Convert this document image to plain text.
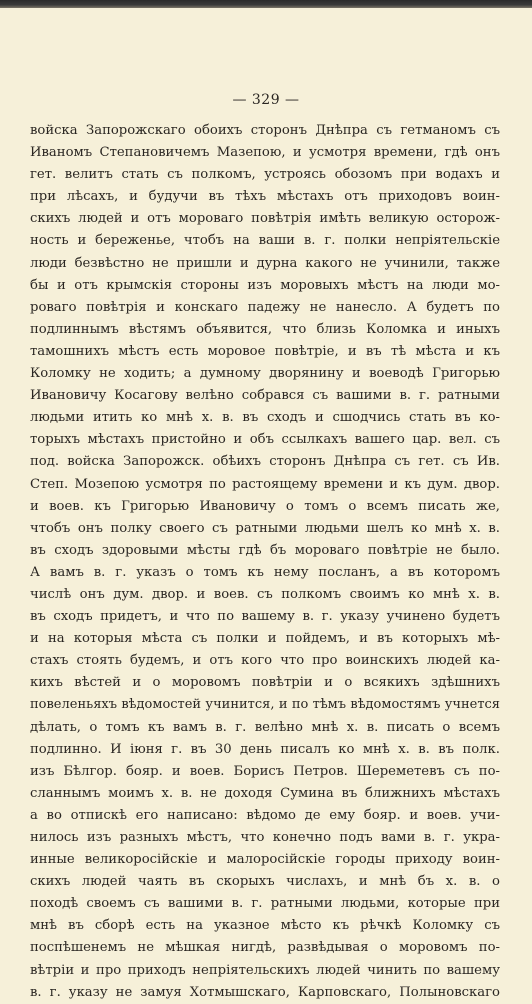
— 329 —
войска Запорожскаго обоихъ сторонъ Днѣпра съ гетманомъ съ
Иваномъ Степановичемъ Мазепою, и усмотря времени, гдѣ онъ
гет. велитъ стать съ полкомъ, устроясь обозомъ при водахъ и
при лѣсахъ, и будучи въ тѣхъ мѣстахъ отъ приходовъ воин-
скихъ людей и отъ мороваго повѣтрія имѣть великую осторож-
ность и береженье, чтобъ на ваши в. г. полки непріятельскіе
люди безвѣстно не пришли и дурна какого не учинили, также
бы и отъ крымскія стороны изъ моровыхъ мѣстъ на люди мо-
роваго повѣтрія и конскаго падежу не нанесло. А будетъ по
подлиннымъ вѣстямъ объявится, что близь Коломка и иныхъ
тамошнихъ мѣстъ есть моровое повѣтріе, и въ тѣ мѣста и къ
Коломку не ходить; а думному дворянину и воеводѣ Григорью
Ивановичу Косагову велѣно собрався съ вашими в. г. ратными
людьми итить ко мнѣ х. в. въ сходъ и сшодчись стать въ ко-
торыхъ мѣстахъ пристойно и объ ссылкахъ вашего цар. вел. съ
под. войска Запорожск. обѣихъ сторонъ Днѣпра съ гет. съ Ив.
Степ. Мозепою усмотря по растоящему времени и къ дум. двор.
и воев. къ Григорью Ивановичу о томъ о всемъ писать же,
чтобъ онъ полку своего съ ратными людьми шелъ ко мнѣ х. в.
въ сходъ здоровыми мѣсты гдѣ бъ мороваго повѣтріе не было.
А вамъ в. г. указъ о томъ къ нему посланъ, а въ которомъ
числѣ онъ дум. двор. и воев. съ полкомъ своимъ ко мнѣ х. в.
въ сходъ придетъ, и что по вашему в. г. указу учинено будетъ
и на которыя мѣста съ полки и пойдемъ, и въ которыхъ мѣ-
стахъ стоять будемъ, и отъ кого что про воинскихъ людей ка-
кихъ вѣстей и о моровомъ повѣтріи и о всякихъ здѣшнихъ
повеленьяхъ вѣдомостей учинится, и по тѣмъ вѣдомостямъ учнется
дѣлать, о томъ къ вамъ в. г. велѣно мнѣ х. в. писать о всемъ
подлинно. И іюня г. въ 30 день писалъ ко мнѣ х. в. въ полк.
изъ Бѣлгор. бояр. и воев. Борисъ Петров. Шереметевъ съ по-
сланнымъ моимъ х. в. не доходя Сумина въ ближнихъ мѣстахъ
а во отпискѣ его написано: вѣдомо де ему бояр. и воев. учи-
нилось изъ разныхъ мѣстъ, что конечно подъ вами в. г. укра-
инные великоросійскіе и малоросійскіе городы приходу воин-
скихъ людей чаять въ скорыхъ числахъ, и мнѣ бъ х. в. о
походѣ своемъ съ вашими в. г. ратными людьми, которые при
мнѣ въ сборѣ есть на указное мѣсто къ рѣчкѣ Коломку съ
поспѣшенемъ не мѣшкая нигдѣ, развѣдывая о моровомъ по-
вѣтріи и про приходъ непріятельскихъ людей чинить по вашему
в. г. указу не замуя Хотмышскаго, Карповскаго, Полыновскаго
